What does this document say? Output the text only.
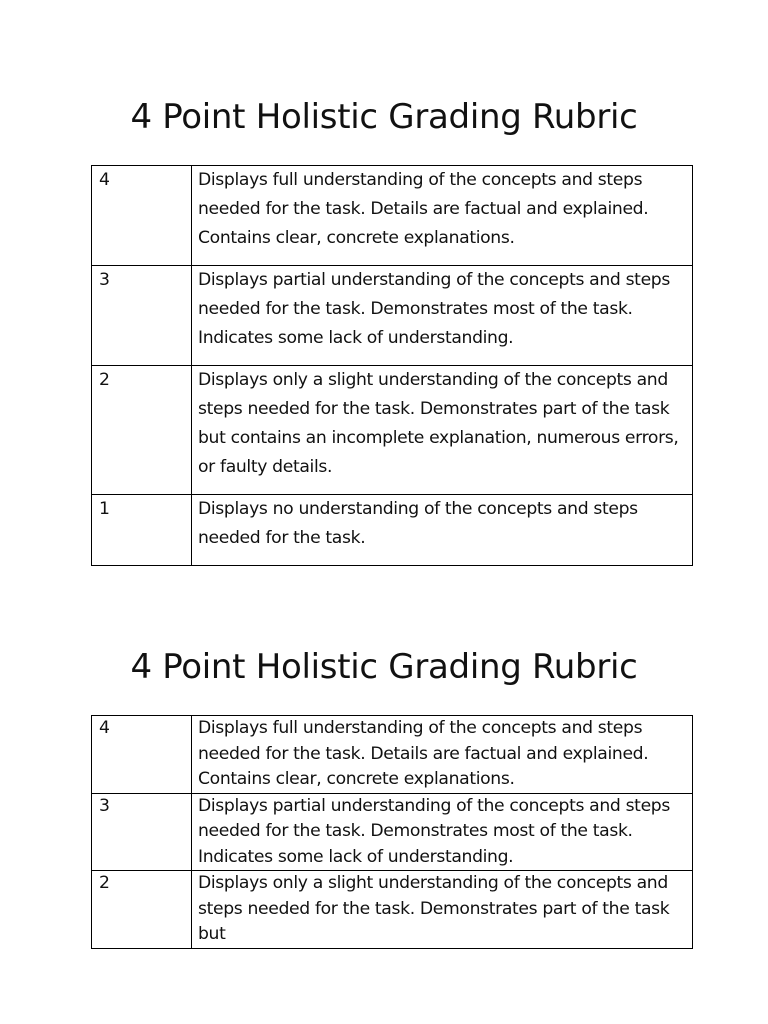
4 Point Holistic Grading Rubric
4	Displays full understanding of the concepts and steps needed for the task. Details are factual and explained. Contains clear, concrete explanations.
3	Displays partial understanding of the concepts and steps needed for the task. Demonstrates most of the task. Indicates some lack of understanding.
2	Displays only a slight understanding of the concepts and steps needed for the task. Demonstrates part of the task but contains an incomplete explanation, numerous errors, or faulty details.
1	Displays no understanding of the concepts and steps needed for the task.
4 Point Holistic Grading Rubric
4	Displays full understanding of the concepts and steps needed for the task. Details are factual and explained. Contains clear, concrete explanations.
3	Displays partial understanding of the concepts and steps needed for the task. Demonstrates most of the task. Indicates some lack of understanding.
2	Displays only a slight understanding of the concepts and steps needed for the task. Demonstrates part of the task but
